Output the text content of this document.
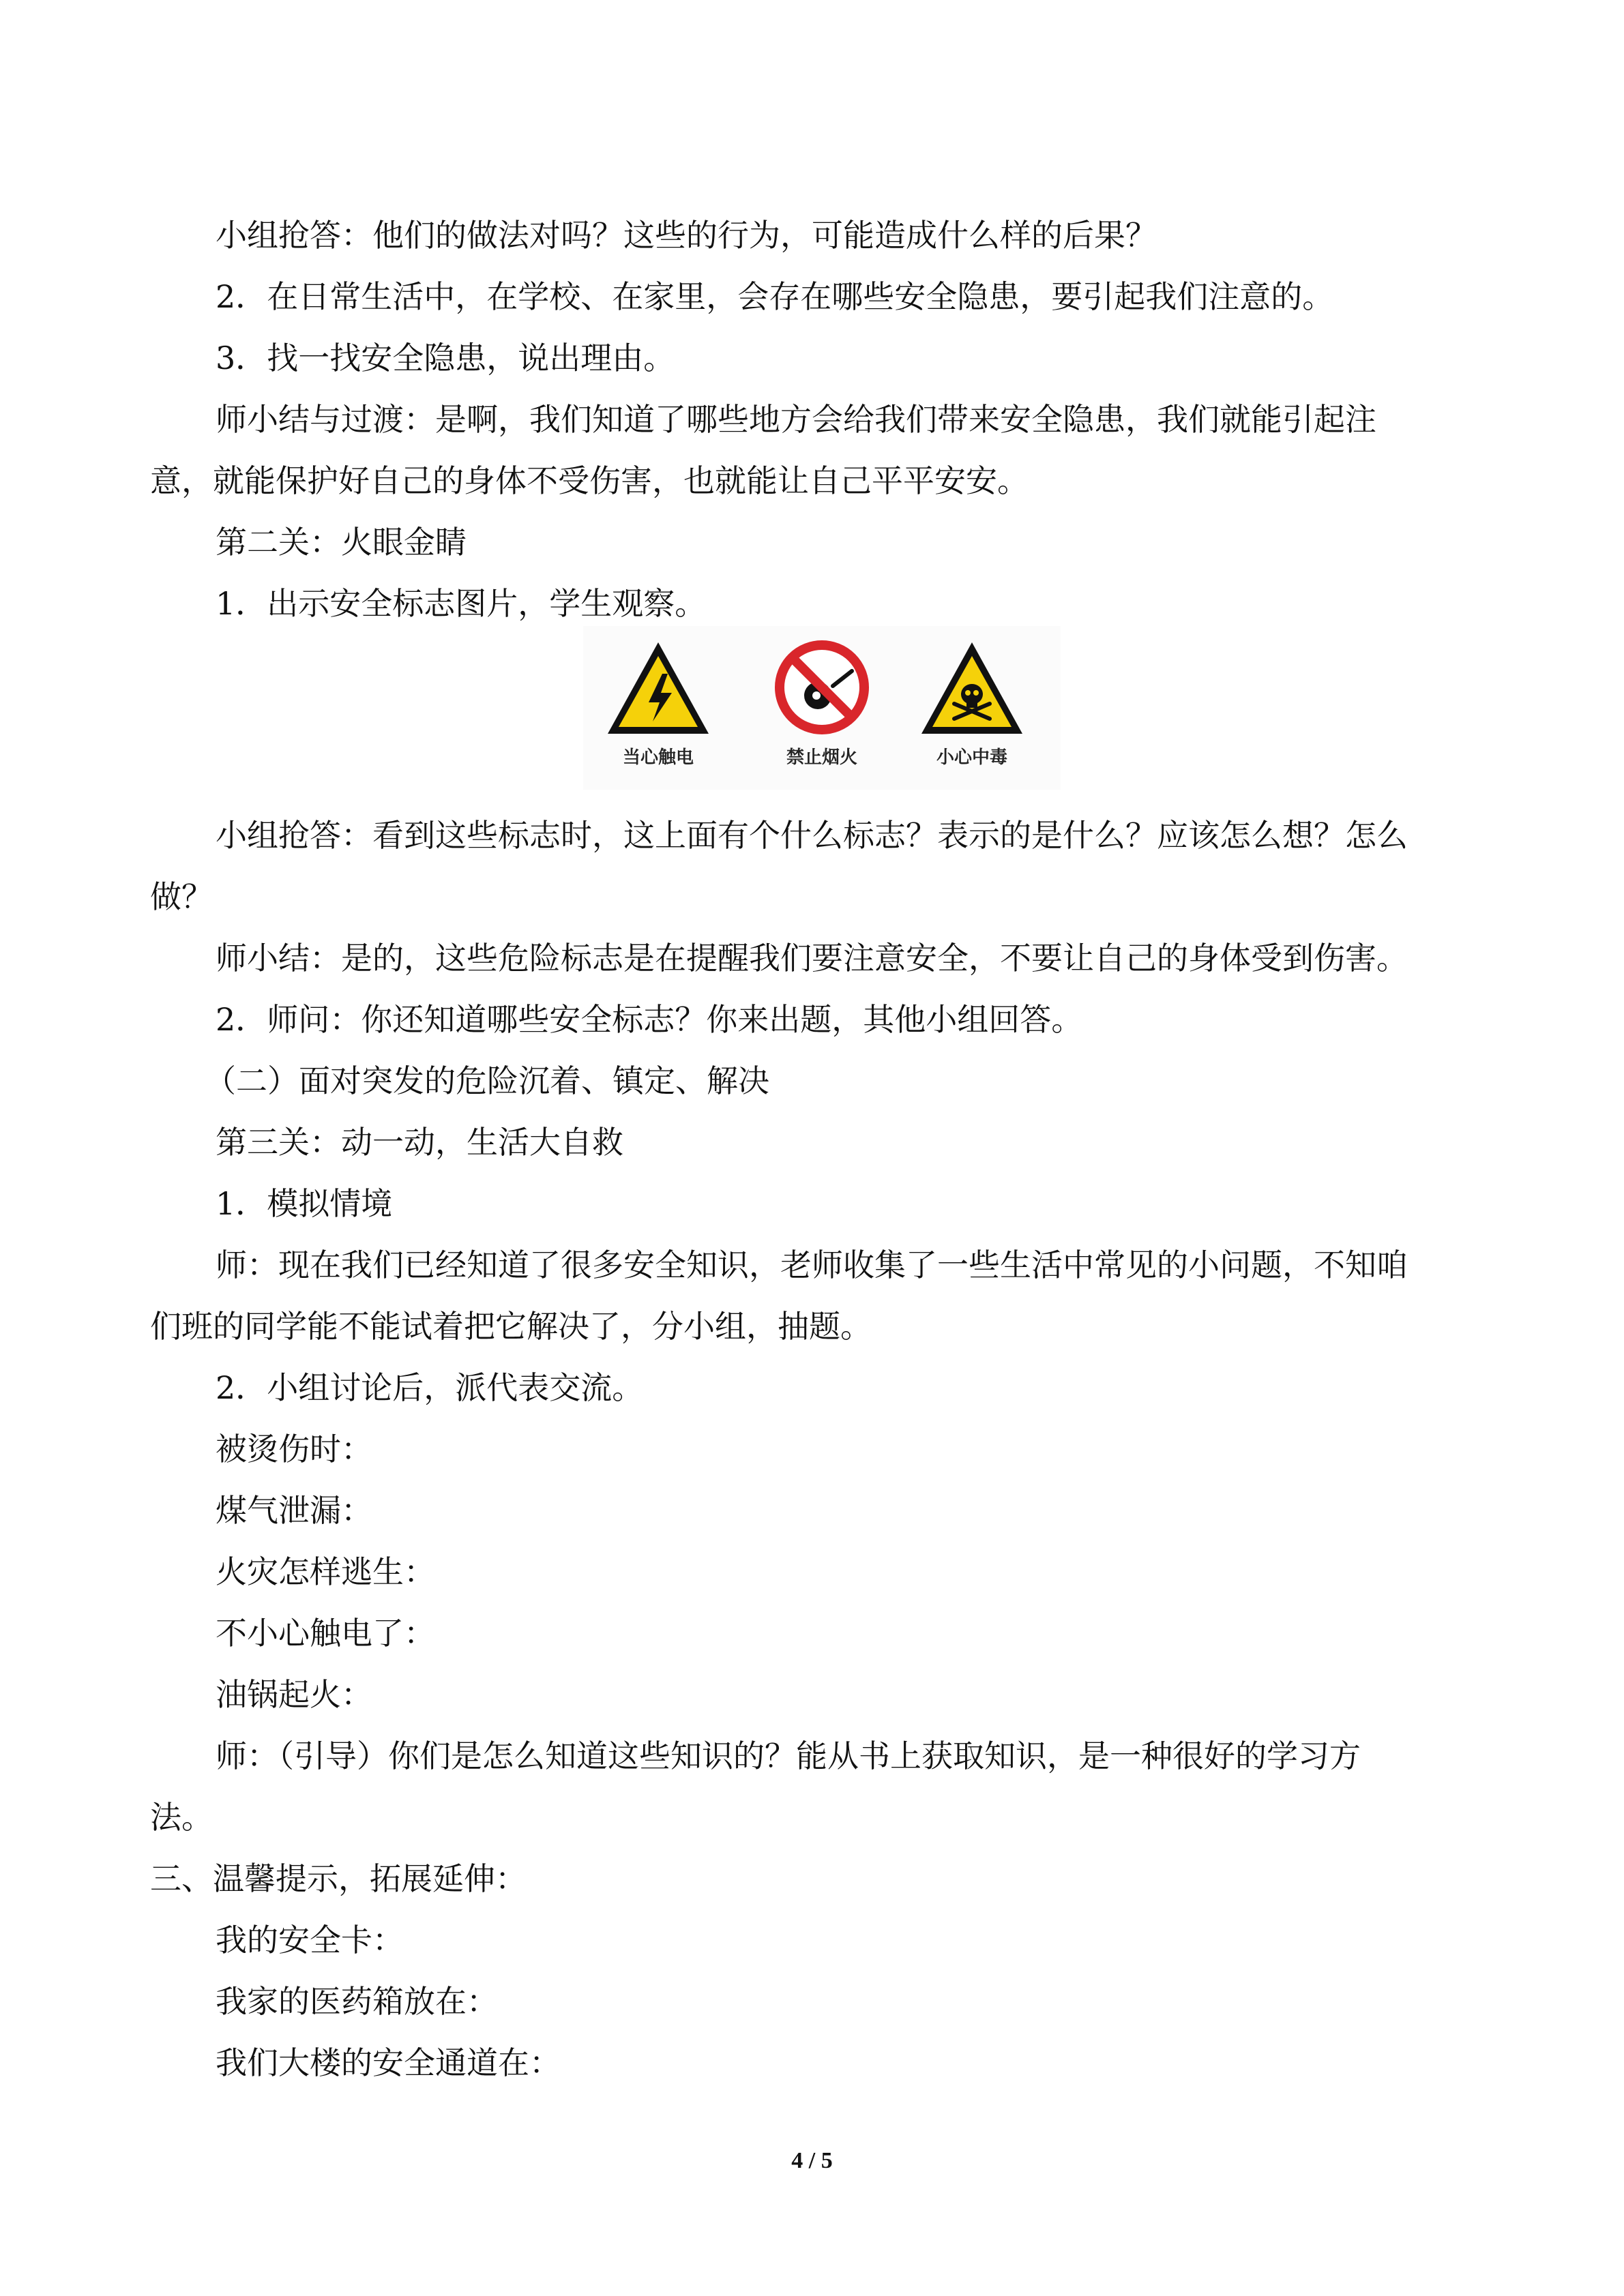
小组抢答：他们的做法对吗？这些的行为，可能造成什么样的后果？
2．在日常生活中，在学校、在家里，会存在哪些安全隐患，要引起我们注意的。
3．找一找安全隐患，说出理由。
师小结与过渡：是啊，我们知道了哪些地方会给我们带来安全隐患，我们就能引起注
意，就能保护好自己的身体不受伤害，也就能让自己平平安安。
第二关：火眼金睛
1．出示安全标志图片，学生观察。
当心触电	禁止烟火	小心中毒
小组抢答：看到这些标志时，这上面有个什么标志？表示的是什么？应该怎么想？怎么
做？
师小结：是的，这些危险标志是在提醒我们要注意安全，不要让自己的身体受到伤害。
2．师问：你还知道哪些安全标志？你来出题，其他小组回答。
（二）面对突发的危险沉着、镇定、解决
第三关：动一动，生活大自救
1．模拟情境
师：现在我们已经知道了很多安全知识，老师收集了一些生活中常见的小问题，不知咱
们班的同学能不能试着把它解决了，分小组，抽题。
2．小组讨论后，派代表交流。
被烫伤时：
煤气泄漏：
火灾怎样逃生：
不小心触电了：
油锅起火：
师：（引导）你们是怎么知道这些知识的？能从书上获取知识，是一种很好的学习方
法。
三、温馨提示，拓展延伸：
我的安全卡：
我家的医药箱放在：
我们大楼的安全通道在：
4 / 5
